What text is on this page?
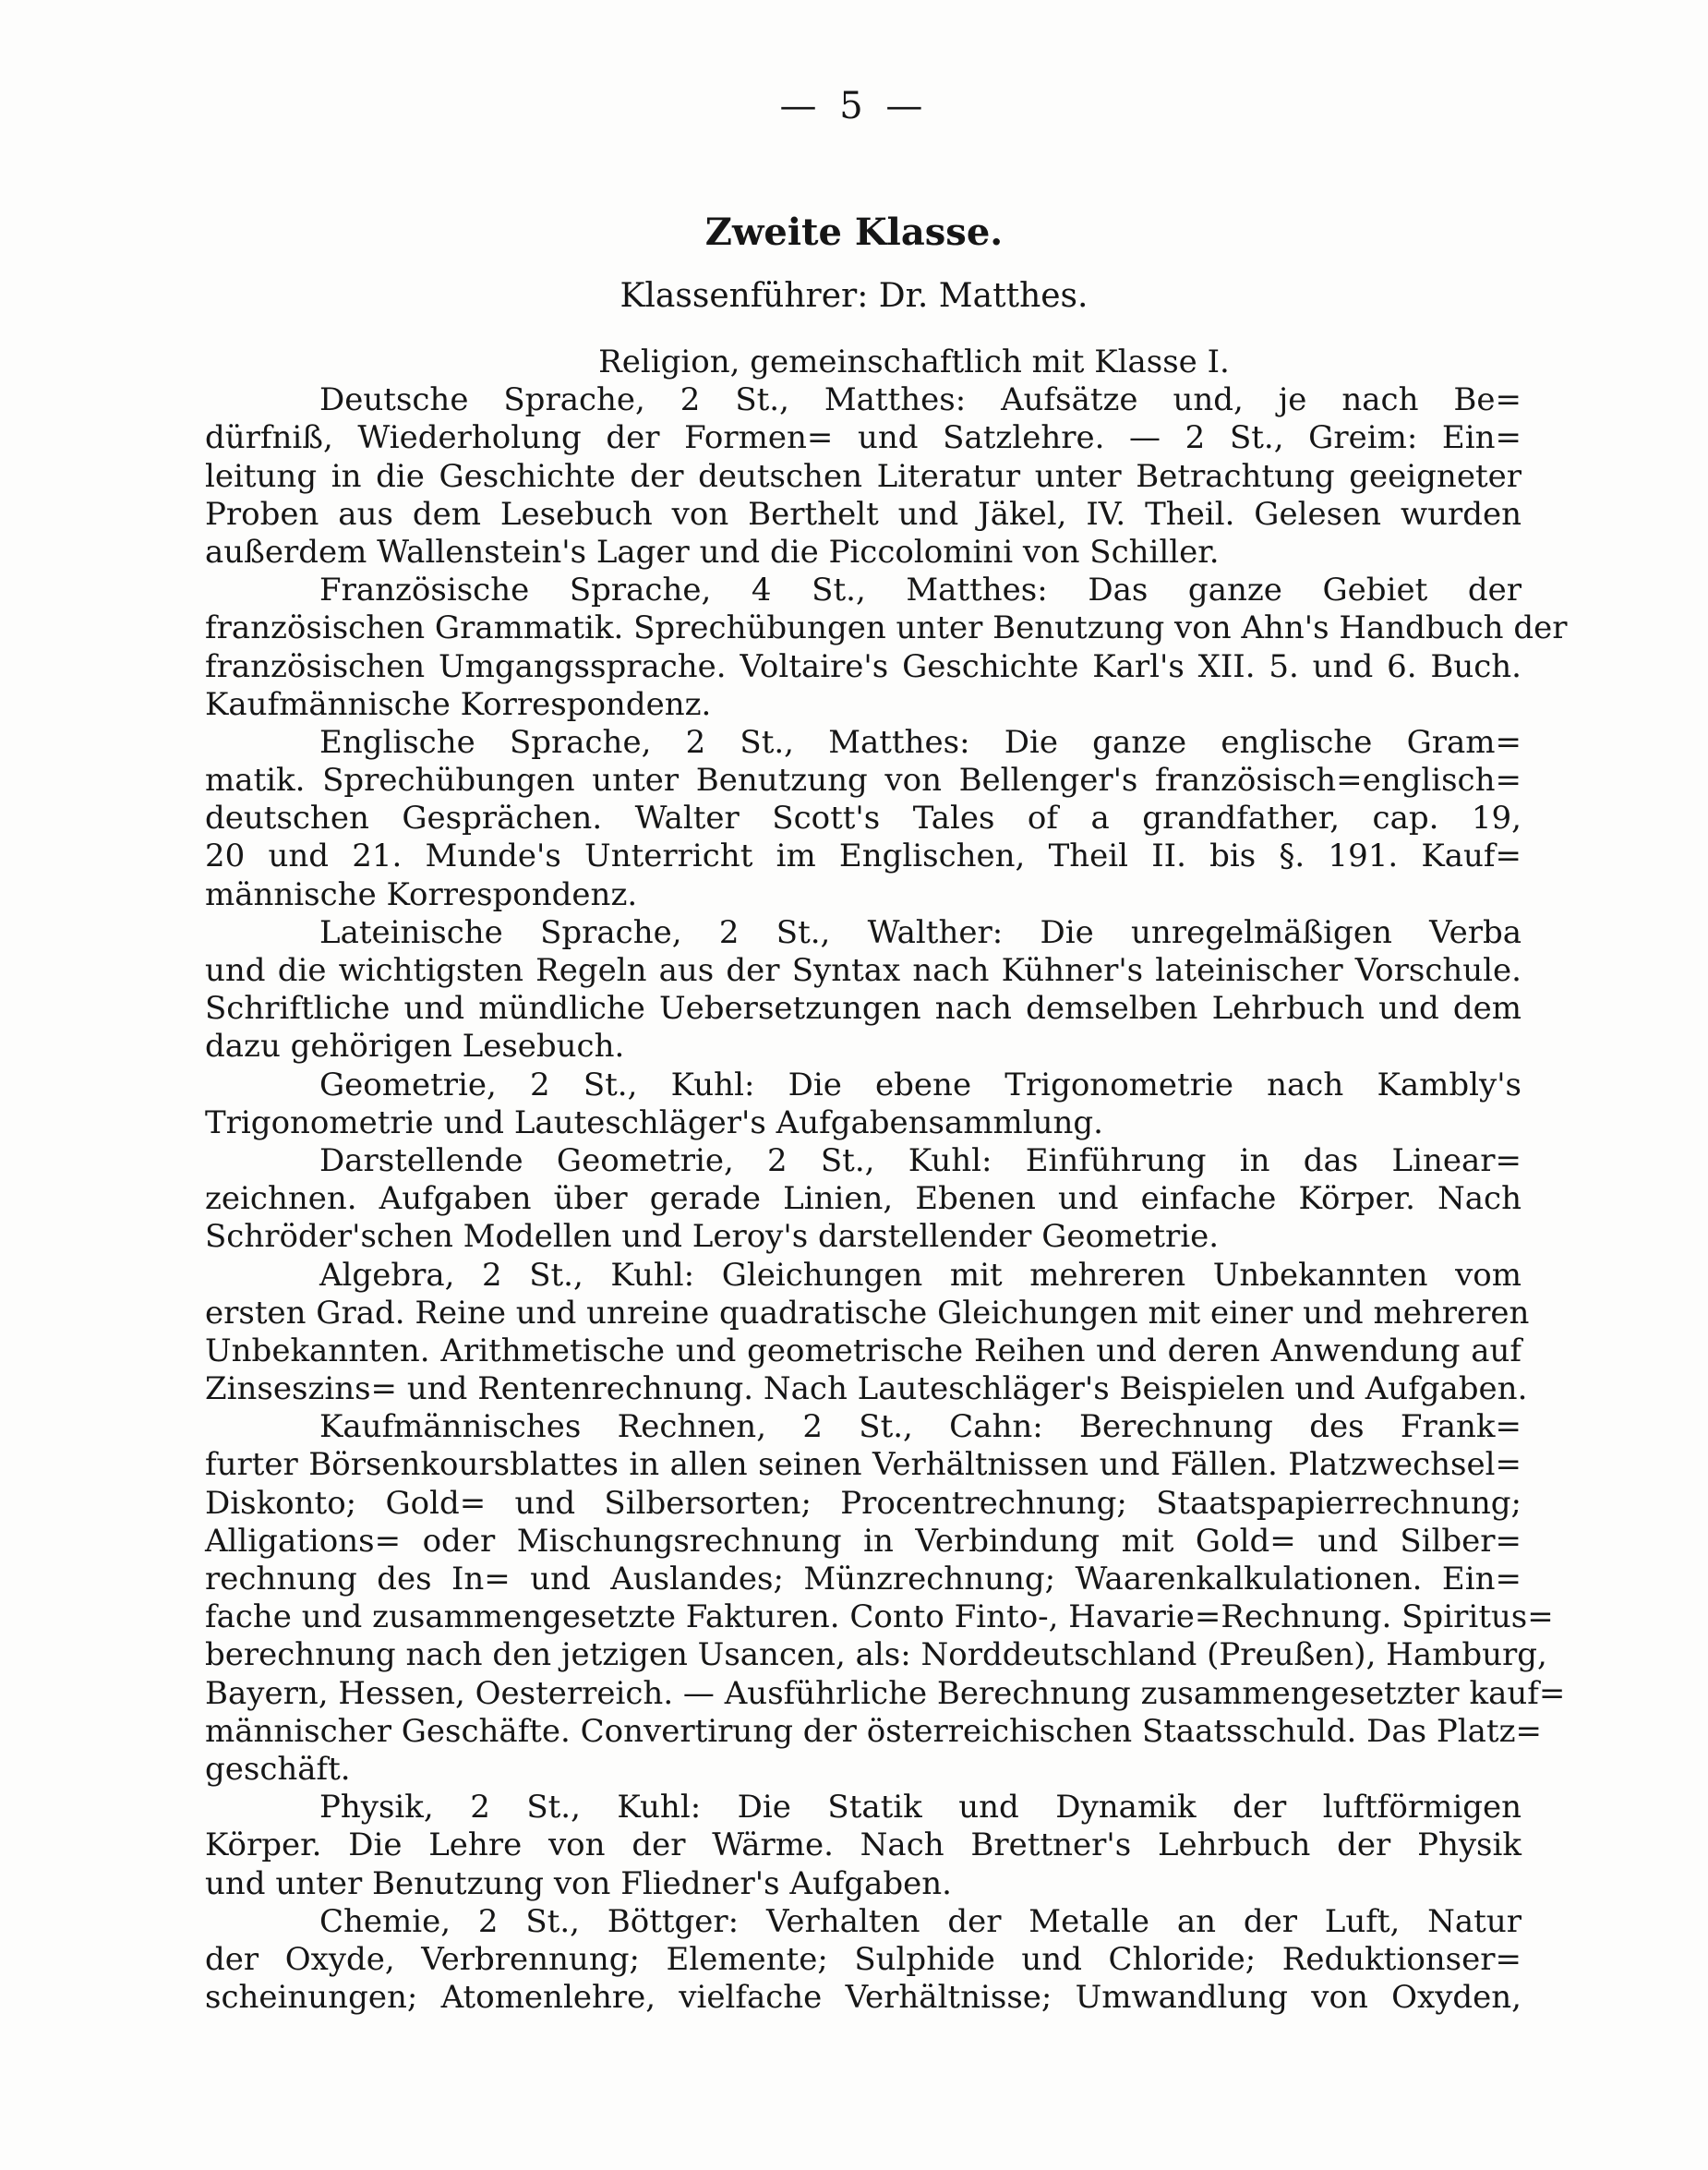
— 5 —
Zweite Klasse.
Klassenführer: Dr. Matthes.
Religion, gemeinschaftlich mit Klasse I.
Deutsche Sprache, 2 St., Matthes: Aufsätze und, je nach Be=
dürfniß, Wiederholung der Formen= und Satzlehre. — 2 St., Greim: Ein=
leitung in die Geschichte der deutschen Literatur unter Betrachtung geeigneter
Proben aus dem Lesebuch von Berthelt und Jäkel, IV. Theil. Gelesen wurden
außerdem Wallenstein's Lager und die Piccolomini von Schiller.
Französische Sprache, 4 St., Matthes: Das ganze Gebiet der
französischen Grammatik. Sprechübungen unter Benutzung von Ahn's Handbuch der
französischen Umgangssprache. Voltaire's Geschichte Karl's XII. 5. und 6. Buch.
Kaufmännische Korrespondenz.
Englische Sprache, 2 St., Matthes: Die ganze englische Gram=
matik. Sprechübungen unter Benutzung von Bellenger's französisch=englisch=
deutschen Gesprächen. Walter Scott's Tales of a grandfather, cap. 19,
20 und 21. Munde's Unterricht im Englischen, Theil II. bis §. 191. Kauf=
männische Korrespondenz.
Lateinische Sprache, 2 St., Walther: Die unregelmäßigen Verba
und die wichtigsten Regeln aus der Syntax nach Kühner's lateinischer Vorschule.
Schriftliche und mündliche Uebersetzungen nach demselben Lehrbuch und dem
dazu gehörigen Lesebuch.
Geometrie, 2 St., Kuhl: Die ebene Trigonometrie nach Kambly's
Trigonometrie und Lauteschläger's Aufgabensammlung.
Darstellende Geometrie, 2 St., Kuhl: Einführung in das Linear=
zeichnen. Aufgaben über gerade Linien, Ebenen und einfache Körper. Nach
Schröder'schen Modellen und Leroy's darstellender Geometrie.
Algebra, 2 St., Kuhl: Gleichungen mit mehreren Unbekannten vom
ersten Grad. Reine und unreine quadratische Gleichungen mit einer und mehreren
Unbekannten. Arithmetische und geometrische Reihen und deren Anwendung auf
Zinseszins= und Rentenrechnung. Nach Lauteschläger's Beispielen und Aufgaben.
Kaufmännisches Rechnen, 2 St., Cahn: Berechnung des Frank=
furter Börsenkoursblattes in allen seinen Verhältnissen und Fällen. Platzwechsel=
Diskonto; Gold= und Silbersorten; Procentrechnung; Staatspapierrechnung;
Alligations= oder Mischungsrechnung in Verbindung mit Gold= und Silber=
rechnung des In= und Auslandes; Münzrechnung; Waarenkalkulationen. Ein=
fache und zusammengesetzte Fakturen. Conto Finto-, Havarie=Rechnung. Spiritus=
berechnung nach den jetzigen Usancen, als: Norddeutschland (Preußen), Hamburg,
Bayern, Hessen, Oesterreich. — Ausführliche Berechnung zusammengesetzter kauf=
männischer Geschäfte. Convertirung der österreichischen Staatsschuld. Das Platz=
geschäft.
Physik, 2 St., Kuhl: Die Statik und Dynamik der luftförmigen
Körper. Die Lehre von der Wärme. Nach Brettner's Lehrbuch der Physik
und unter Benutzung von Fliedner's Aufgaben.
Chemie, 2 St., Böttger: Verhalten der Metalle an der Luft, Natur
der Oxyde, Verbrennung; Elemente; Sulphide und Chloride; Reduktionser=
scheinungen; Atomenlehre, vielfache Verhältnisse; Umwandlung von Oxyden,
